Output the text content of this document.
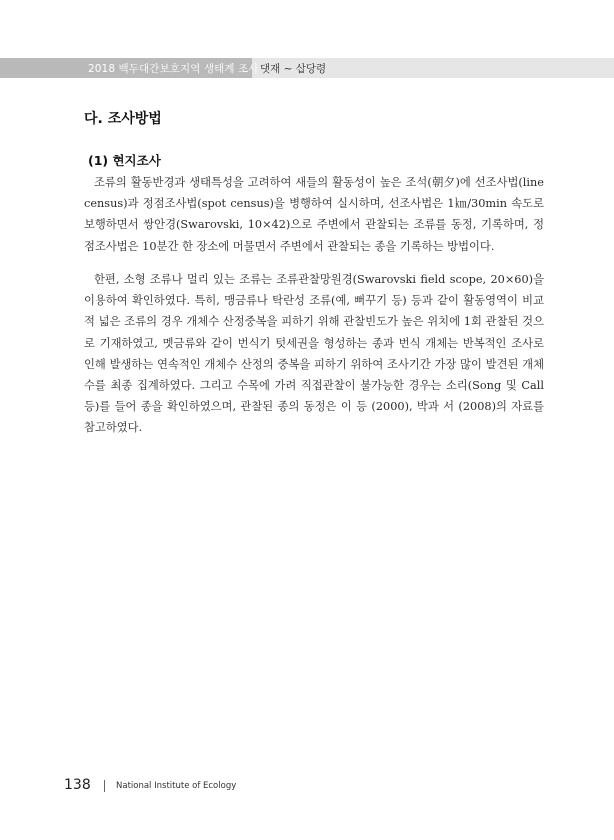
2018 백두대간보호지역 생태계 조사 댓재 ~ 삽당령
다. 조사방법
(1) 현지조사

조류의 활동반경과 생태특성을 고려하여 새들의 활동성이 높은 조석(朝夕)에 선조사법(line census)과 정점조사법(spot census)을 병행하여 실시하며, 선조사법은 1㎞/30min 속도로 보행하면서 쌍안경(Swarovski, 10×42)으로 주변에서 관찰되는 조류를 동정, 기록하며, 정점조사법은 10분간 한 장소에 머물면서 주변에서 관찰되는 종을 기록하는 방법이다.

한편, 소형 조류나 멀리 있는 조류는 조류관찰망원경(Swarovski field scope, 20×60)을 이용하여 확인하였다. 특히, 맹금류나 탁란성 조류(예, 뻐꾸기 등) 등과 같이 활동영역이 비교적 넓은 조류의 경우 개체수 산정중복을 피하기 위해 관찰빈도가 높은 위치에 1회 관찰된 것으로 기재하였고, 멧금류와 같이 번식기 텃세권을 형성하는 종과 번식 개체는 반복적인 조사로 인해 발생하는 연속적인 개체수 산정의 중복을 피하기 위하여 조사기간 가장 많이 발견된 개체수를 최종 집계하였다. 그리고 수목에 가려 직접관찰이 불가능한 경우는 소리(Song 및 Call 등)를 들어 종을 확인하였으며, 관찰된 종의 동정은 이 등 (2000), 박과 서 (2008)의 자료를 참고하였다.

138	National Institute of Ecology
